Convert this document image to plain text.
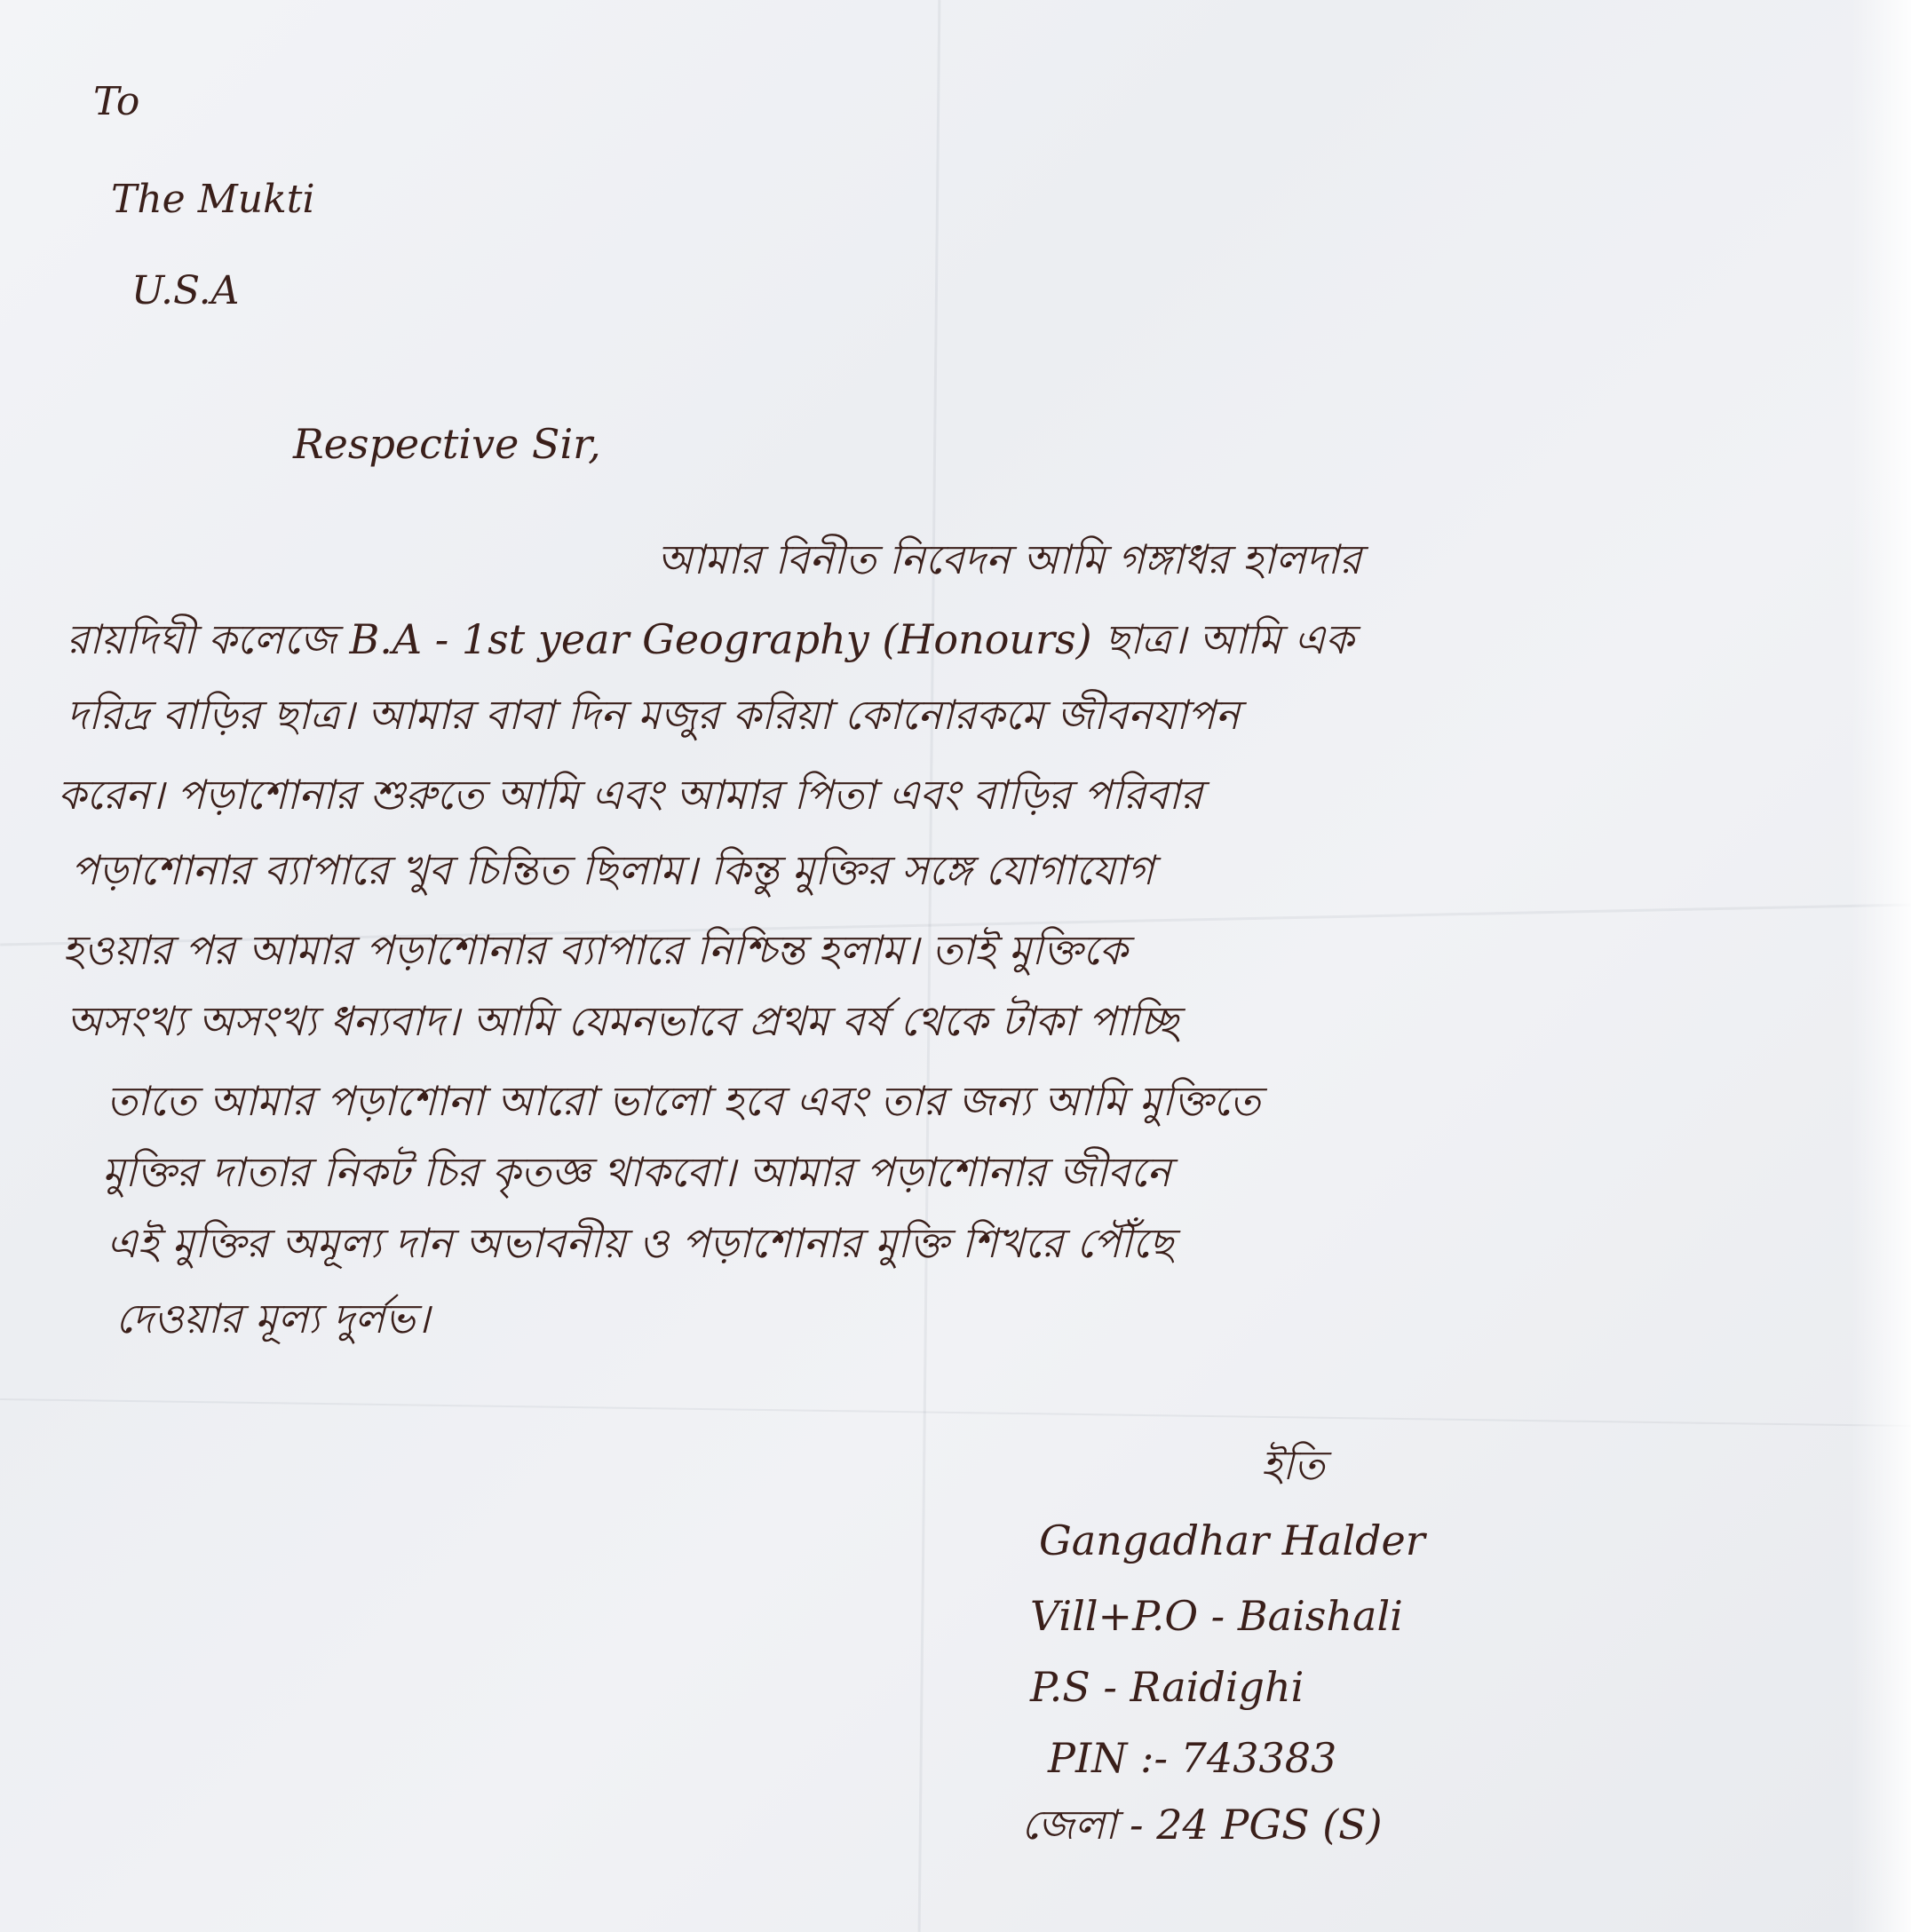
To
The Mukti
U.S.A
Respective Sir,
আমার বিনীত নিবেদন আমি গঙ্গাধর হালদার
রায়দিঘী কলেজে B.A - 1st year Geography (Honours) ছাত্র। আমি এক
দরিদ্র বাড়ির ছাত্র। আমার বাবা দিন মজুর করিয়া কোনোরকমে জীবনযাপন
করেন। পড়াশোনার শুরুতে আমি এবং আমার পিতা এবং বাড়ির পরিবার
পড়াশোনার ব্যাপারে খুব চিন্তিত ছিলাম। কিন্তু মুক্তির সঙ্গে যোগাযোগ
হওয়ার পর আমার পড়াশোনার ব্যাপারে নিশ্চিন্ত হলাম। তাই মুক্তিকে
অসংখ্য অসংখ্য ধন্যবাদ। আমি যেমনভাবে প্রথম বর্ষ থেকে টাকা পাচ্ছি
তাতে আমার পড়াশোনা আরো ভালো হবে এবং তার জন্য আমি মুক্তিতে
মুক্তির দাতার নিকট চির কৃতজ্ঞ থাকবো। আমার পড়াশোনার জীবনে
এই মুক্তির অমূল্য দান অভাবনীয় ও পড়াশোনার মুক্তি শিখরে পৌঁছে
দেওয়ার মূল্য দুর্লভ।
ইতি
Gangadhar Halder
Vill+P.O - Baishali
P.S - Raidighi
PIN :- 743383
জেলা - 24 PGS (S)
